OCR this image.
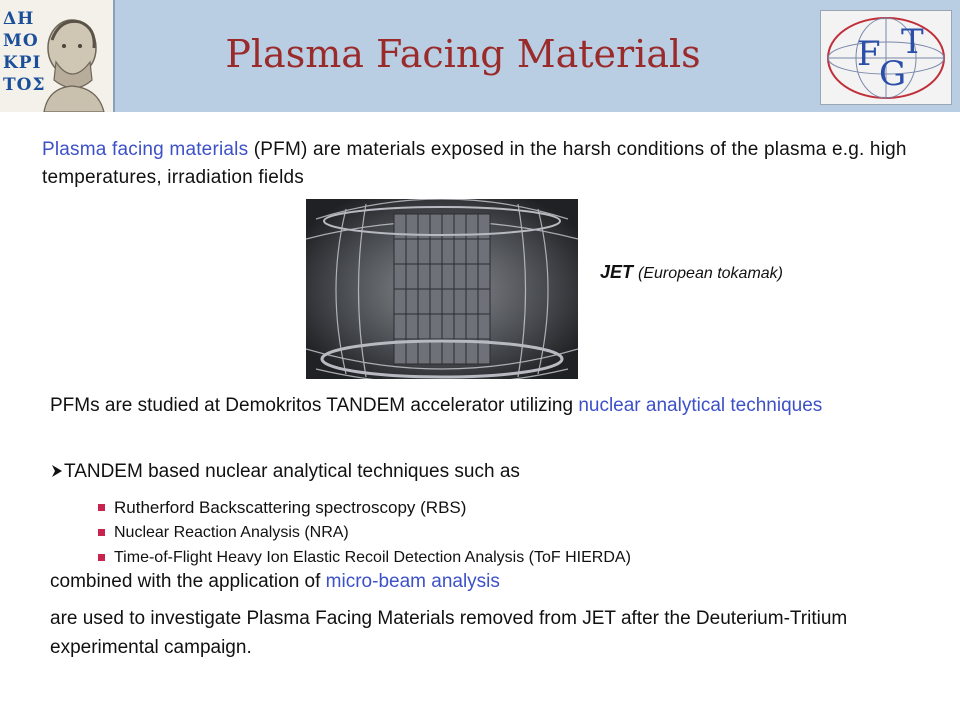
ΔΗ
ΜΟ
ΚΡΙ
ΤΟΣ
Plasma Facing Materials	F
G
T
Plasma facing materials (PFM) are materials exposed in the harsh conditions of the plasma e.g. high temperatures, irradiation fields
JET (European tokamak)
PFMs are studied at Demokritos TANDEM accelerator utilizing nuclear analytical techniques
TANDEM based nuclear analytical techniques such as
Rutherford Backscattering spectroscopy (RBS)
Nuclear Reaction Analysis (NRA)
Time-of-Flight Heavy Ion Elastic Recoil Detection Analysis (ToF HIERDA)
combined with the application of micro-beam analysis
are used to investigate Plasma Facing Materials removed from JET after the Deuterium-Tritium experimental campaign.
